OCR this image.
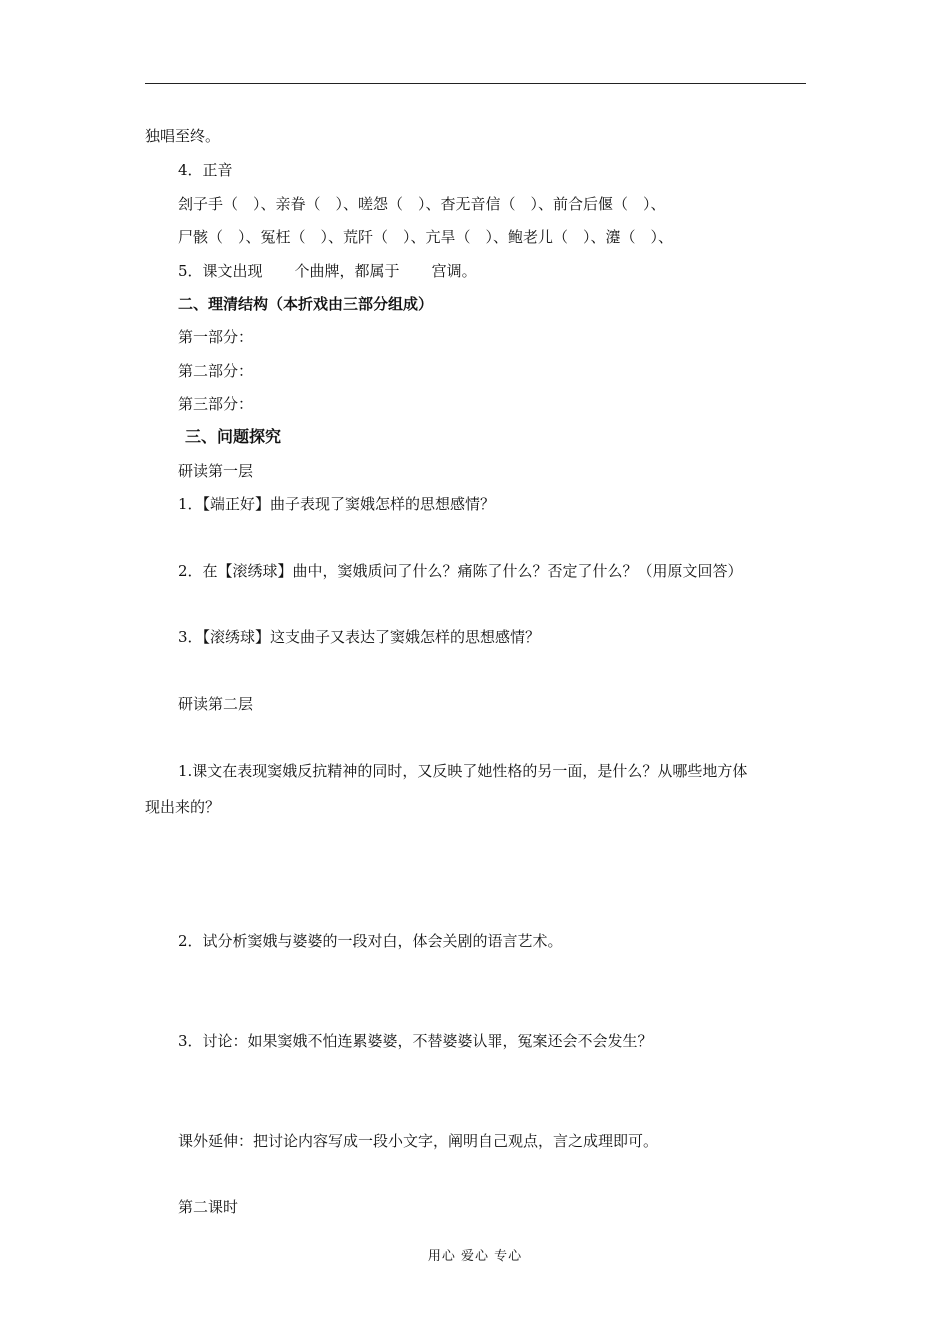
独唱至终。
4．正音
刽子手（　）、亲眷（　）、嗟怨（　）、杳无音信（　）、前合后偃（　）、
尸骸（　）、冤枉（　）、荒阡（　）、亢旱（　）、鲍老儿（　）、瀽（　）、
5．课文出现 个曲牌，都属于 宫调。
二、理清结构（本折戏由三部分组成）
第一部分：
第二部分：
第三部分：
三、问题探究
研读第一层
1．【端正好】曲子表现了窦娥怎样的思想感情？
2．在【滚绣球】曲中，窦娥质问了什么？痛陈了什么？否定了什么？（用原文回答）
3．【滚绣球】这支曲子又表达了窦娥怎样的思想感情？
研读第二层
1.课文在表现窦娥反抗精神的同时，又反映了她性格的另一面，是什么？从哪些地方体
现出来的？
2．试分析窦娥与婆婆的一段对白，体会关剧的语言艺术。
3．讨论：如果窦娥不怕连累婆婆，不替婆婆认罪，冤案还会不会发生？
课外延伸：把讨论内容写成一段小文字，阐明自己观点，言之成理即可。
第二课时
用心 爱心 专心
